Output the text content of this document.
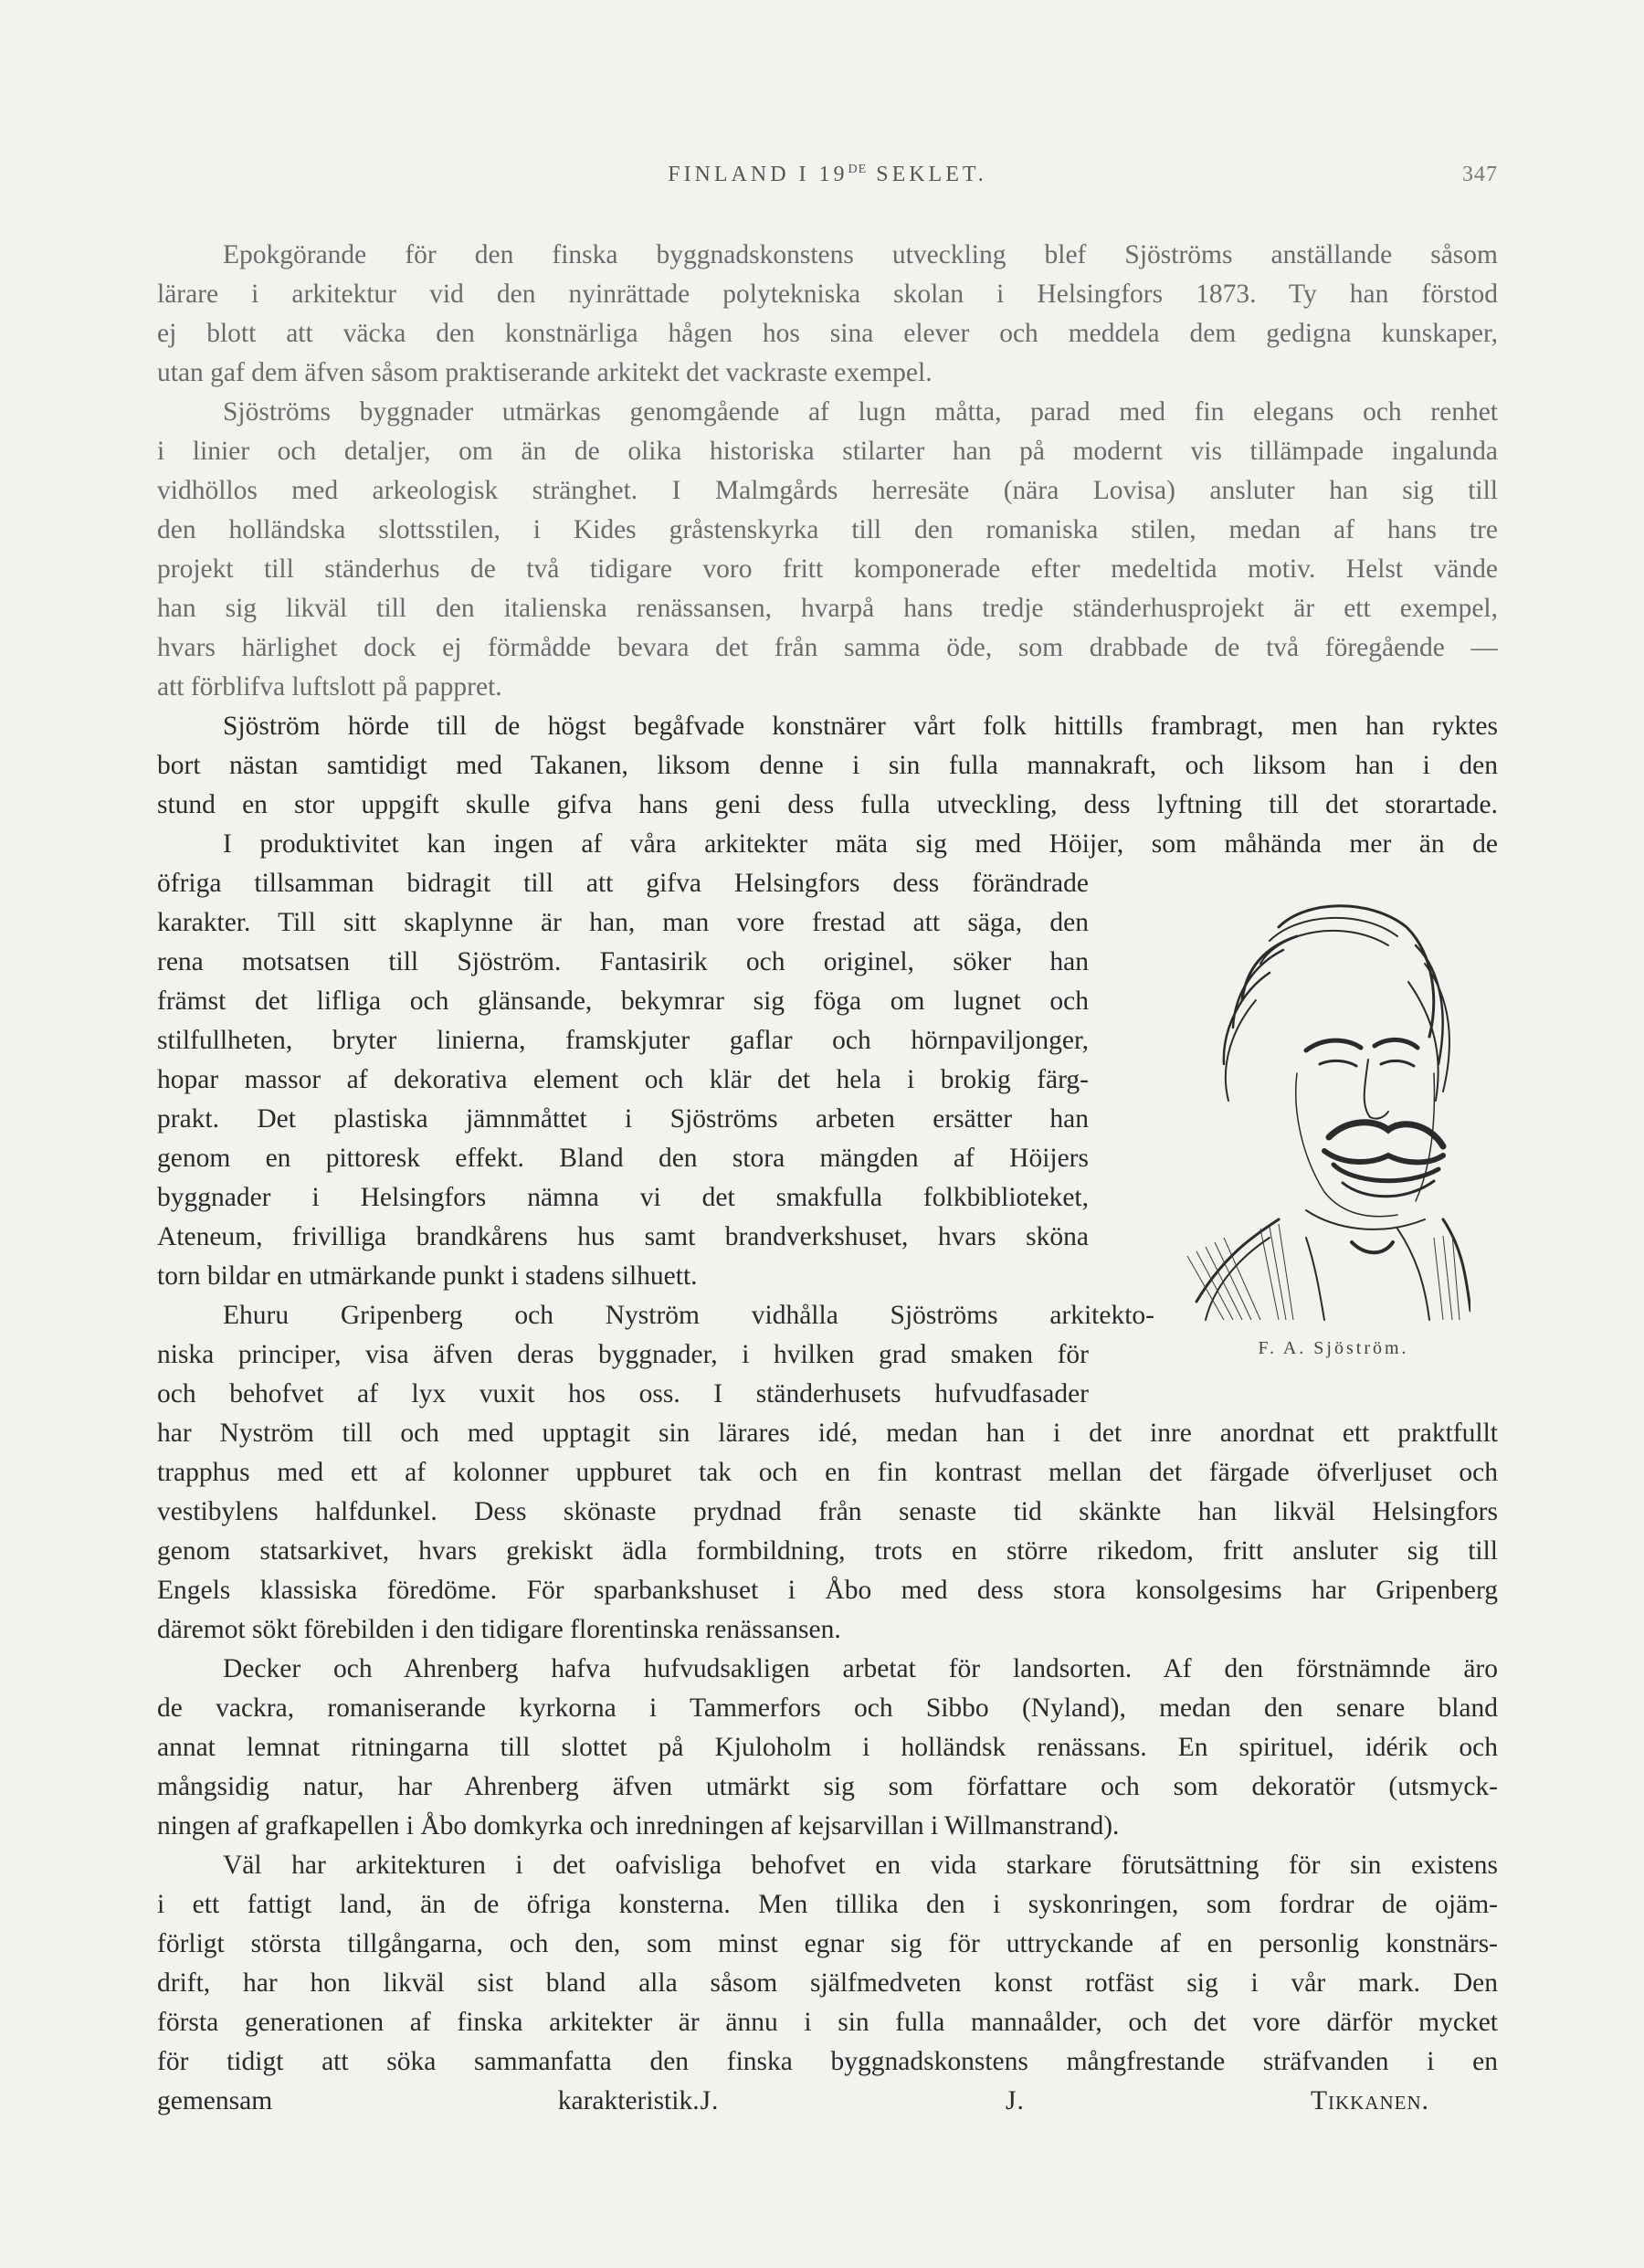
FINLAND I 19DE SEKLET.	347
Epokgörande för den finska byggnadskonstens utveckling blef Sjöströms anställande såsom
lärare i arkitektur vid den nyinrättade polytekniska skolan i Helsingfors 1873. Ty han förstod
ej blott att väcka den konstnärliga hågen hos sina elever och meddela dem gedigna kunskaper,
utan gaf dem äfven såsom praktiserande arkitekt det vackraste exempel.
Sjöströms byggnader utmärkas genomgående af lugn måtta, parad med fin elegans och renhet
i linier och detaljer, om än de olika historiska stilarter han på modernt vis tillämpade ingalunda
vidhöllos med arkeologisk stränghet. I Malmgårds herresäte (nära Lovisa) ansluter han sig till
den holländska slottsstilen, i Kides gråstenskyrka till den romaniska stilen, medan af hans tre
projekt till ständerhus de två tidigare voro fritt komponerade efter medeltida motiv. Helst vände
han sig likväl till den italienska renässansen, hvarpå hans tredje ständerhusprojekt är ett exempel,
hvars härlighet dock ej förmådde bevara det från samma öde, som drabbade de två föregående —
att förblifva luftslott på pappret.
Sjöström hörde till de högst begåfvade konstnärer vårt folk hittills frambragt, men han ryktes
bort nästan samtidigt med Takanen, liksom denne i sin fulla mannakraft, och liksom han i den
stund en stor uppgift skulle gifva hans geni dess fulla utveckling, dess lyftning till det storartade.
I produktivitet kan ingen af våra arkitekter mäta sig med Höijer, som måhända mer än de
öfriga tillsamman bidragit till att gifva Helsingfors dess förändrade
karakter. Till sitt skaplynne är han, man vore frestad att säga, den
rena motsatsen till Sjöström. Fantasirik och originel, söker han
främst det lifliga och glänsande, bekymrar sig föga om lugnet och
stilfullheten, bryter linierna, framskjuter gaflar och hörnpaviljonger,
hopar massor af dekorativa element och klär det hela i brokig färg-
prakt. Det plastiska jämnmåttet i Sjöströms arbeten ersätter han
genom en pittoresk effekt. Bland den stora mängden af Höijers
byggnader i Helsingfors nämna vi det smakfulla folkbiblioteket,
Ateneum, frivilliga brandkårens hus samt brandverkshuset, hvars sköna
torn bildar en utmärkande punkt i stadens silhuett.
Ehuru Gripenberg och Nyström vidhålla Sjöströms arkitekto-
niska principer, visa äfven deras byggnader, i hvilken grad smaken för
och behofvet af lyx vuxit hos oss. I ständerhusets hufvudfasader
har Nyström till och med upptagit sin lärares idé, medan han i det inre anordnat ett praktfullt
trapphus med ett af kolonner uppburet tak och en fin kontrast mellan det färgade öfverljuset och
vestibylens halfdunkel. Dess skönaste prydnad från senaste tid skänkte han likväl Helsingfors
genom statsarkivet, hvars grekiskt ädla formbildning, trots en större rikedom, fritt ansluter sig till
Engels klassiska föredöme. För sparbankshuset i Åbo med dess stora konsolgesims har Gripenberg
däremot sökt förebilden i den tidigare florentinska renässansen.
Decker och Ahrenberg hafva hufvudsakligen arbetat för landsorten. Af den förstnämnde äro
de vackra, romaniserande kyrkorna i Tammerfors och Sibbo (Nyland), medan den senare bland
annat lemnat ritningarna till slottet på Kjuloholm i holländsk renässans. En spirituel, idérik och
mångsidig natur, har Ahrenberg äfven utmärkt sig som författare och som dekoratör (utsmyck-
ningen af grafkapellen i Åbo domkyrka och inredningen af kejsarvillan i Willmanstrand).
Väl har arkitekturen i det oafvisliga behofvet en vida starkare förutsättning för sin existens
i ett fattigt land, än de öfriga konsterna. Men tillika den i syskonringen, som fordrar de ojäm-
förligt största tillgångarna, och den, som minst egnar sig för uttryckande af en personlig konstnärs-
drift, har hon likväl sist bland alla såsom själfmedveten konst rotfäst sig i vår mark. Den
första generationen af finska arkitekter är ännu i sin fulla mannaålder, och det vore därför mycket
för tidigt att söka sammanfatta den finska byggnadskonstens mångfrestande sträfvanden i en
gemensam karakteristik.J. J. Tikkanen.
F. A. Sjöström.
